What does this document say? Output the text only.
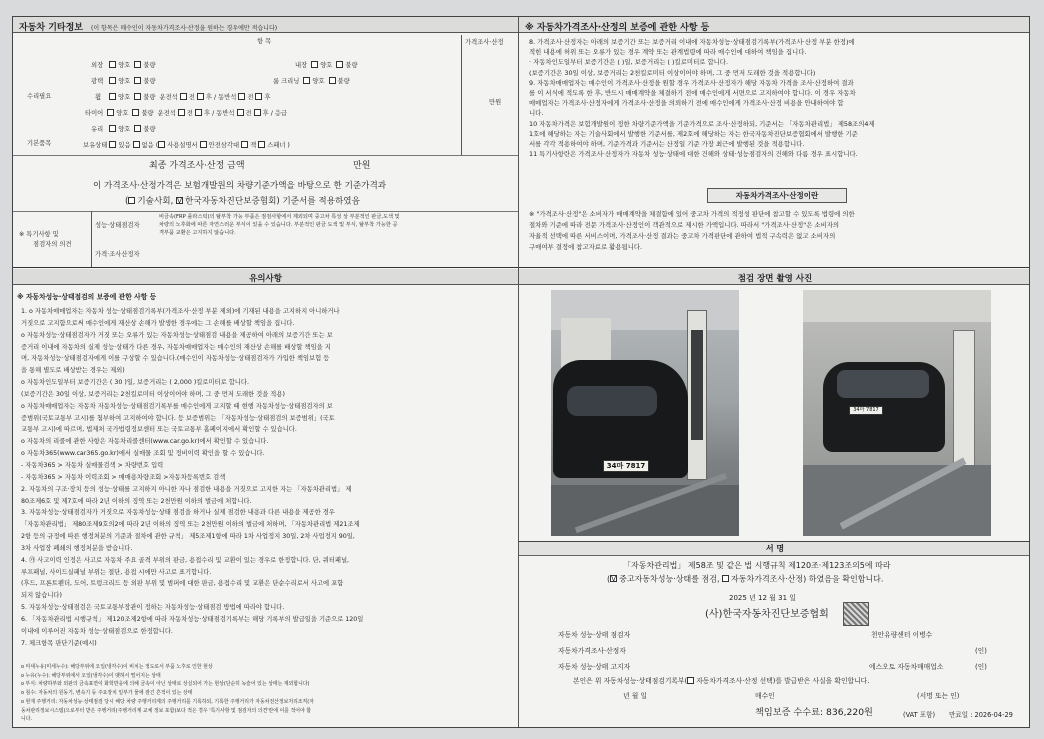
자동차 기타정보 (이 항목은 매수인이 자동차가격조사·산정을 원하는 경우에만 적습니다)
항 목	가격조사·산정
만원
수리필요
기본품목
외장 양호 불량	내장 양호 불량
광택 양호 불량	룸 크리닝 양호 불량
휠	양호 불량 운전석 전 후 / 동반석 전 후
타이어 양호 불량 운전석 전 후 / 동반석 전 후 / 응급
유리 양호 불량
보유상태 있음 없음 ( 사용설명서 안전삼각대 잭 스패너 )
최종 가격조사·산정 금액	만원
이 가격조사·산정가격은 보험개발원의 차량기준가액을 바탕으로 한 기준가격과
( 기술사회, V 한국자동차진단보증협회) 기준서를 적용하였음
※ 특기사항 및
점검자의 의견
성능·상태점검자
비금속(FRP 플라스틱)의 탈부착 가능 부품은 점검사항에서 제외되며 중고차 특성 상 부분적인 판금,도색 및
차량의 노후화에 따른 자연스러운 부식이 있을 수 있습니다. 부분적인 판금 도색 및 부식, 탈부착 가능한 공
격부품 교환은 고지하지 않습니다.
가격·조사산정자
※ 자동차가격조사·산정의 보증에 관한 사항 등
8. 가격조사·산정자는 아래의 보증기간 또는 보증거리 이내에 자동차성능·상태점검기록부(가격조사·산정 부분 한정)에
적힌 내용에 허위 또는 오류가 있는 경우 계약 또는 관계법령에 따라 매수인에 대하여 책임을 집니다.
· 자동차인도일부터 보증기간은 ( )일, 보증거리는 ( )킬로미터로 합니다.
(보증기간은 30일 이상, 보증거리는 2천킬로미터 이상이어야 하며, 그 중 먼저 도래한 것을 적용합니다)
9. 자동차매매업자는 매수인이 가격조사·산정을 원할 경우 가격조사·산정자가 해당 자동차 가격을 조사·산정하여 결과
를 이 서식에 적도록 한 후, 반드시 매매계약을 체결하기 전에 매수인에게 서면으로 고지하여야 합니다. 이 경우 자동차
매매업자는 가격조사·산정자에게 가격조사·산정을 의뢰하기 전에 매수인에게 가격조사·산정 비용을 안내하여야 합
니다.
10 자동차가격은 보험개발원이 정한 차량기준가액을 기준가격으로 조사·산정하되, 기준서는 「자동차관리법」 제58조의4제
1호에 해당하는 자는 기술사회에서 발행한 기준서를, 제2호에 해당하는 자는 한국자동차진단보증협회에서 발행한 기준
서를 각각 적용하여야 하며, 기준가격과 기준서는 산정일 기준 가장 최근에 발행된 것을 적용합니다.
11 특기사항란은 가격조사·산정자가 자동차 성능·상태에 대한 건해와 상태·성능점검자의 건해와 다름 경우 표시합니다.
자동차가격조사·산정이란
※ "가격조사·산정"은 소비자가 매매계약을 체결함에 있어 중고차 가격의 적정성 판단에 참고할 수 있도록 법령에 의한
절차와 기준에 따라 전문 가격조사·산정인이 객관적으로 제시한 가액입니다. 따라서 "가격조사·산정"은 소비자의
자율적 선택에 따른 서비스이며, 가격조사·산정 결과는 중고차 가격판단에 관하여 법적 구속력은 없고 소비자의
구매여부 결정에 참고자료로 활용됩니다.
유의사항
※ 자동차성능·상태점검의 보증에 관한 사항 등
1. o 자동차매매업자는 자동차 성능·상태점검기록부(가격조사·산정 부분 제외)에 기재된 내용을 고지하지 아니하거나
거짓으로 고지함으로써 매수인에게 재산상 손해가 발생한 경우에는 그 손해를 배상할 책임을 집니다.
o 자동차성능·상태점검자가 거짓 또는 오류가 있는 자동차성능·상태점검 내용을 제공하여 아래의 보증기간 또는 보
증거리 이내에 자동차의 실제 성능·상태가 다른 경우, 자동차매매업자는 매수인의 재산상 손해를 배상할 책임을 지
며, 자동차성능·상태점검자에게 이를 구상할 수 있습니다.(매수인이 자동차성능·상태점검자가 가입한 책임보험 등
을 통해 별도로 배상받는 경우는 제외)
o 자동차인도일부터 보증기간은 ( 30 )일, 보증거리는 ( 2,000 )킬로미터로 합니다.
(보증기간은 30일 이상, 보증거리는 2천킬로미터 이상이어야 하며, 그 중 먼저 도래한 것을 적용)
o 자동차매매업자는 자동차 자동차성능·상태점검기록부를 매수인에게 고지할 때 현행 자동차성능·상태점검자의 보
증범위(국토교통부 고시)를 첨부하여 고지하여야 합니다. 등 보증범위는 「자동차성능·상태점검의 보증범위」(국토
교통부 고시)에 따르며, 법제처 국가법령정보센터 또는 국토교통부 홈페이지에서 확인할 수 있습니다.
o 자동차의 리콜에 관한 사항은 자동차리콜센터(www.car.go.kr)에서 확인할 수 있습니다.
o 자동차365(www.car365.go.kr)에서 실매물 조회 및 정비이력 확인을 할 수 있습니다.
- 자동차365 > 자동차 실매물검색 > 차량번호 입력
- 자동차365 > 자동차 이력조회 > 매매용차량조회 >자동차등록번호 검색
2. 자동차의 구조·장치 등의 성능·상태를 고지하지 아니한 자나 점검한 내용을 거짓으로 고지한 자는 「자동차관리법」 제
80조제6호 및 제7호에 따라 2년 이하의 징역 또는 2천만원 이하의 벌금에 처합니다.
3. 자동차성능·상태점검자가 거짓으로 자동차성능·상태 점검을 하거나 실제 점검한 내용과 다른 내용을 제공한 경우
「자동차관리법」 제80조제9호의2에 따라 2년 이하의 징역 또는 2천만원 이하의 벌금에 처하며, 「자동차관리법 제21조제
2항 등의 규정에 따른 행정처분의 기준과 절차에 관한 규칙」 제5조제1항에 따라 1차 사업정지 30일, 2차 사업정지 90일,
3차 사업장 폐쇄의 행정처분을 받습니다.
4. ㉮ 사고이력 인정은 사고로 자동차 주요 골격 부위의 판금, 용접수리 및 교환이 있는 경우로 한정합니다. 단, 쿼터패널,
루프패널, 사이드실패널 부위는 절단, 용접 시에만 사고로 표기합니다.
(후드, 프론트펜더, 도어, 트렁크리드 등 외판 부위 및 범퍼에 대한 판금, 용접수리 및 교환은 단순수리로서 사고에 포함
되지 않습니다)
5. 자동차성능·상태점검은 국토교통부장관이 정하는 자동차성능·상태점검 방법에 따라야 합니다.
6. 「자동차관리법 시행규칙」 제120조제2항에 따라 자동차성능·상태점검기록부는 해당 기록부의 발급일을 기준으로 120일
이내에 이루어진 자동차 성능·상태점검으로 한정합니다.
7. 체크항목 판단기준(예시)
o 미세누유(미세누수): 해당부위에 오일(냉각수)이 비치는 정도로서 부품 노후로 인한 현상
o 누유(누수): 해당부위에서 오일(냉각수)이 맺혀서 떨어지는 상태
o 부식: 차량하부와 외판의 금속표면이 화학반응에 의해 금속이 아닌 상태로 상실되어 가는 현상(단순히 녹슬어 있는 상태는 제외합니다)
o 침수: 자동차의 원동기, 변속기 등 주요장치 일부가 물에 잠긴 흔적이 있는 상태
o 현재 주행거리: 자동차성능·상태점검 당시 해당 차량 주행거리계의 주행거리를 기록하되, 기록한 주행거리가 자동차전산정보처리조직(자
동차관리정보시스템)으로부터 받은 주행거리(주행거리계 교체 정보 포함)보다 적은 경우 '특기사항 및 점검자의 의견'란에 이를 적어야 합
니다.
점검 장면 촬영 사진
34마 7817
34마 7817
서 명
「자동차관리법」 제58조 및 같은 법 시행규칙 제120조·제123조의5에 따라
(V 중고자동차성능·상태를 점검, 자동차가격조사·산정) 하였음을 확인합니다.
2025 년 12 월 31 일
(사)한국자동차진단보증협회
자동차 성능·상태 점검자	천안유량센터 이병수
자동차가격조사·산정자	(인)
자동차 성능·상태 고지자	에스오토 자동차매매업소	(인)
본인은 위 자동차성능·상태점검기록부( 자동차가격조사·산정 선택)를 발급받은 사실을 확인합니다.
년 월 일	매수인	(서명 또는 인)
책임보증 수수료: 836,220원	(VAT 포함) 만료일 : 2026-04-29
